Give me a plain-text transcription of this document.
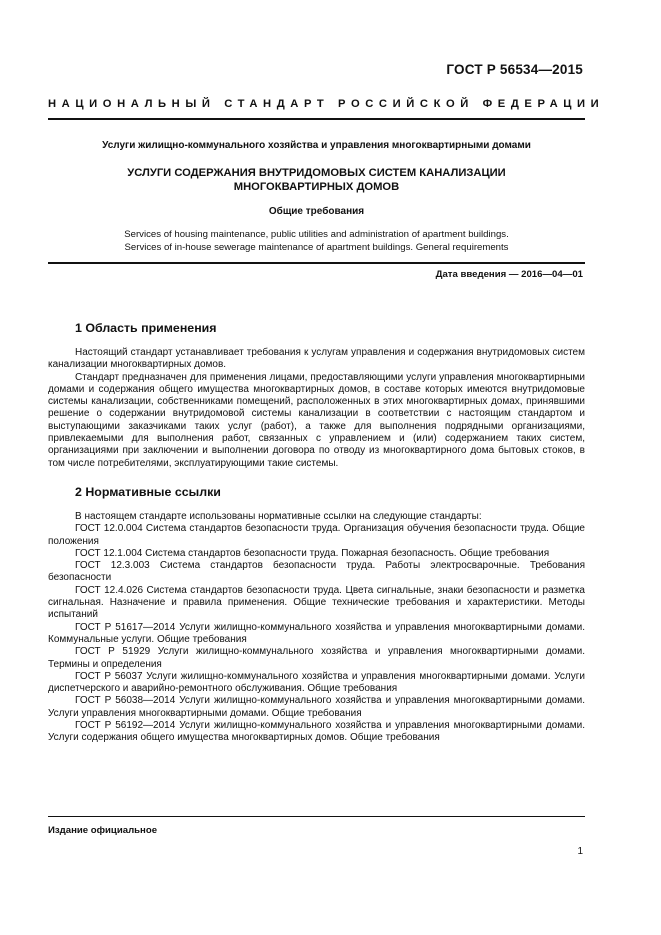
ГОСТ Р 56534—2015
НАЦИОНАЛЬНЫЙ СТАНДАРТ РОССИЙСКОЙ ФЕДЕРАЦИИ
Услуги жилищно-коммунального хозяйства и управления многоквартирными домами
УСЛУГИ СОДЕРЖАНИЯ ВНУТРИДОМОВЫХ СИСТЕМ КАНАЛИЗАЦИИ
МНОГОКВАРТИРНЫХ ДОМОВ
Общие требования
Services of housing maintenance, public utilities and administration of apartment buildings.
Services of in-house sewerage maintenance of apartment buildings. General requirements
Дата введения — 2016—04—01
1 Область применения

Настоящий стандарт устанавливает требования к услугам управления и содержания внутридомовых систем канализации многоквартирных домов.

Стандарт предназначен для применения лицами, предоставляющими услуги управления многоквартирными домами и содержания общего имущества многоквартирных домов, в составе которых имеются внутридомовые системы канализации, собственниками помещений, расположенных в этих многоквартирных домах, принявшими решение о содержании внутридомовой системы канализации в соответствии с настоящим стандартом и выступающими заказчиками таких услуг (работ), а также для выполнения подрядными организациями, привлекаемыми для выполнения работ, связанных с управлением и (или) содержанием таких систем, организациями при заключении и выполнении договора по отводу из многоквартирного дома бытовых стоков, в том числе потребителями, эксплуатирующими такие системы.

2 Нормативные ссылки

В настоящем стандарте использованы нормативные ссылки на следующие стандарты:

ГОСТ 12.0.004 Система стандартов безопасности труда. Организация обучения безопасности труда. Общие положения

ГОСТ 12.1.004 Система стандартов безопасности труда. Пожарная безопасность. Общие требования

ГОСТ 12.3.003 Система стандартов безопасности труда. Работы электросварочные. Требования безопасности

ГОСТ 12.4.026 Система стандартов безопасности труда. Цвета сигнальные, знаки безопасности и разметка сигнальная. Назначение и правила применения. Общие технические требования и характеристики. Методы испытаний

ГОСТ Р 51617—2014 Услуги жилищно-коммунального хозяйства и управления многоквартирными домами. Коммунальные услуги. Общие требования

ГОСТ Р 51929 Услуги жилищно-коммунального хозяйства и управления многоквартирными домами. Термины и определения

ГОСТ Р 56037 Услуги жилищно-коммунального хозяйства и управления многоквартирными домами. Услуги диспетчерского и аварийно-ремонтного обслуживания. Общие требования

ГОСТ Р 56038—2014 Услуги жилищно-коммунального хозяйства и управления многоквартирными домами. Услуги управления многоквартирными домами. Общие требования

ГОСТ Р 56192—2014 Услуги жилищно-коммунального хозяйства и управления многоквартирными домами. Услуги содержания общего имущества многоквартирных домов. Общие требования

Издание официальное
1
